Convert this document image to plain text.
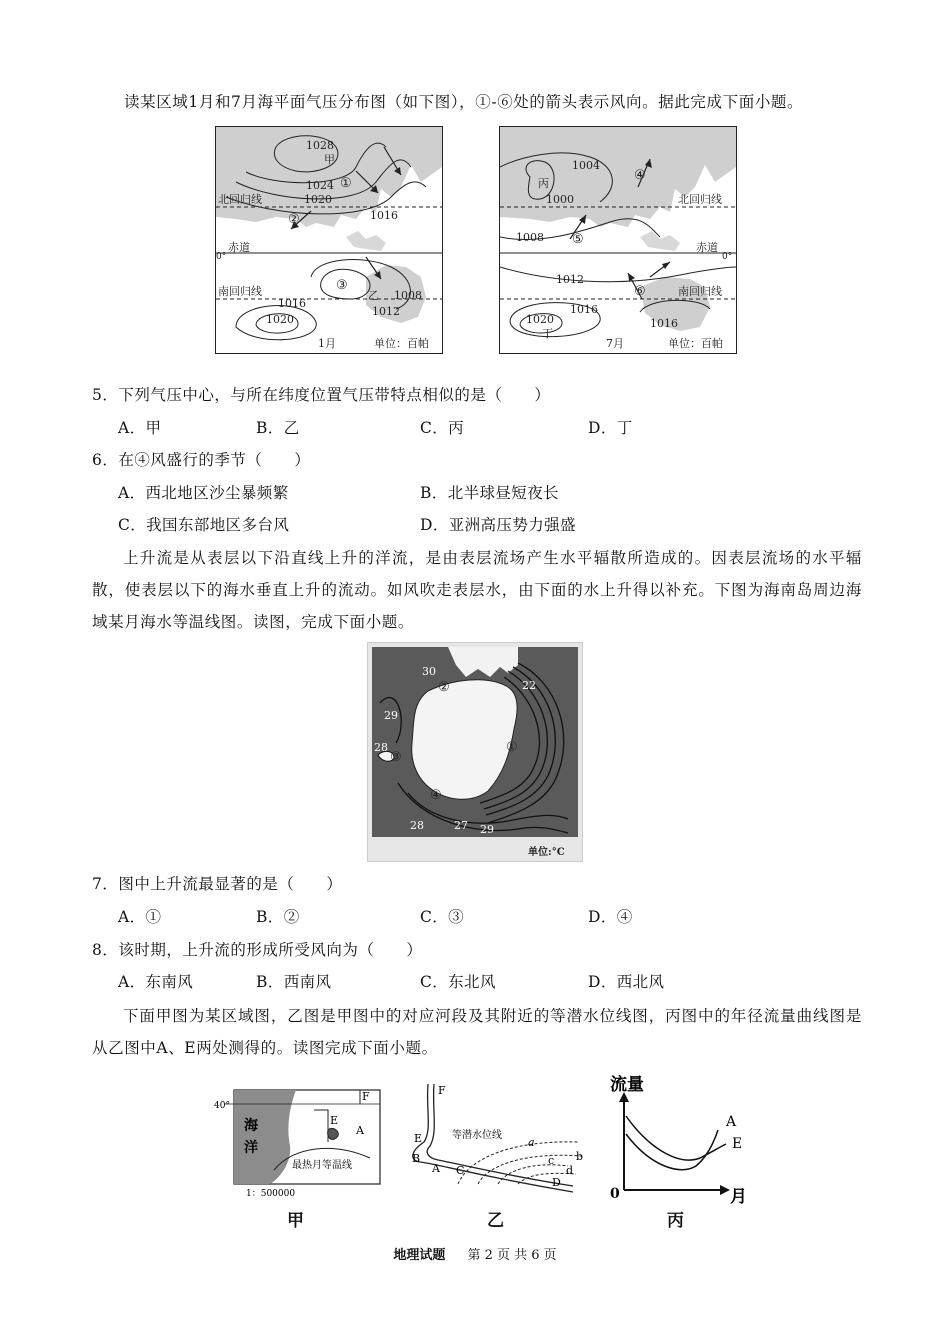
读某区域1月和7月海平面气压分布图（如下图），①-⑥处的箭头表示风向。据此完成下面小题。
1028
甲
1024 ①
1020
1016
北回归线
②
赤道
0°
南回归线	③
1008
乙
1012
1016
1020
1月	单位：百帕
1004
丙
1000
④
北回归线
⑤
1008
赤道
0°
1012
⑥	南回归线
1016
1016
1020
丁
7月	单位：百帕
5．下列气压中心，与所在纬度位置气压带特点相似的是（　　）
A．甲	B．乙	C．丙	D．丁
6．在④风盛行的季节（　　）
A．西北地区沙尘暴频繁	B．北半球昼短夜长
C．我国东部地区多台风	D．亚洲高压势力强盛
上升流是从表层以下沿直线上升的洋流，是由表层流场产生水平辐散所造成的。因表层流场的水平辐散，使表层以下的海水垂直上升的流动。如风吹走表层水，由下面的水上升得以补充。下图为海南岛周边海域某月海水等温线图。读图，完成下面小题。
30
22
29
28
28	27 29
①
②
③
④
单位:°C
7．图中上升流最显著的是（　　）
A．①	B．②	C．③	D．④
8．该时期，上升流的形成所受风向为（　　）
A．东南风	B．西南风	C．东北风	D．西北风
下面甲图为某区域图，乙图是甲图中的对应河段及其附近的等潜水位线图，丙图中的年径流量曲线图是从乙图中A、E两处测得的。读图完成下面小题。
40°
海
洋
E
F
A
最热月等温线
1：500000
甲
F
E
B
A C
D
a
b
c
d
等潜水位线
乙
流量
月
0
A
E
丙
地理试题 第 2 页 共 6 页
